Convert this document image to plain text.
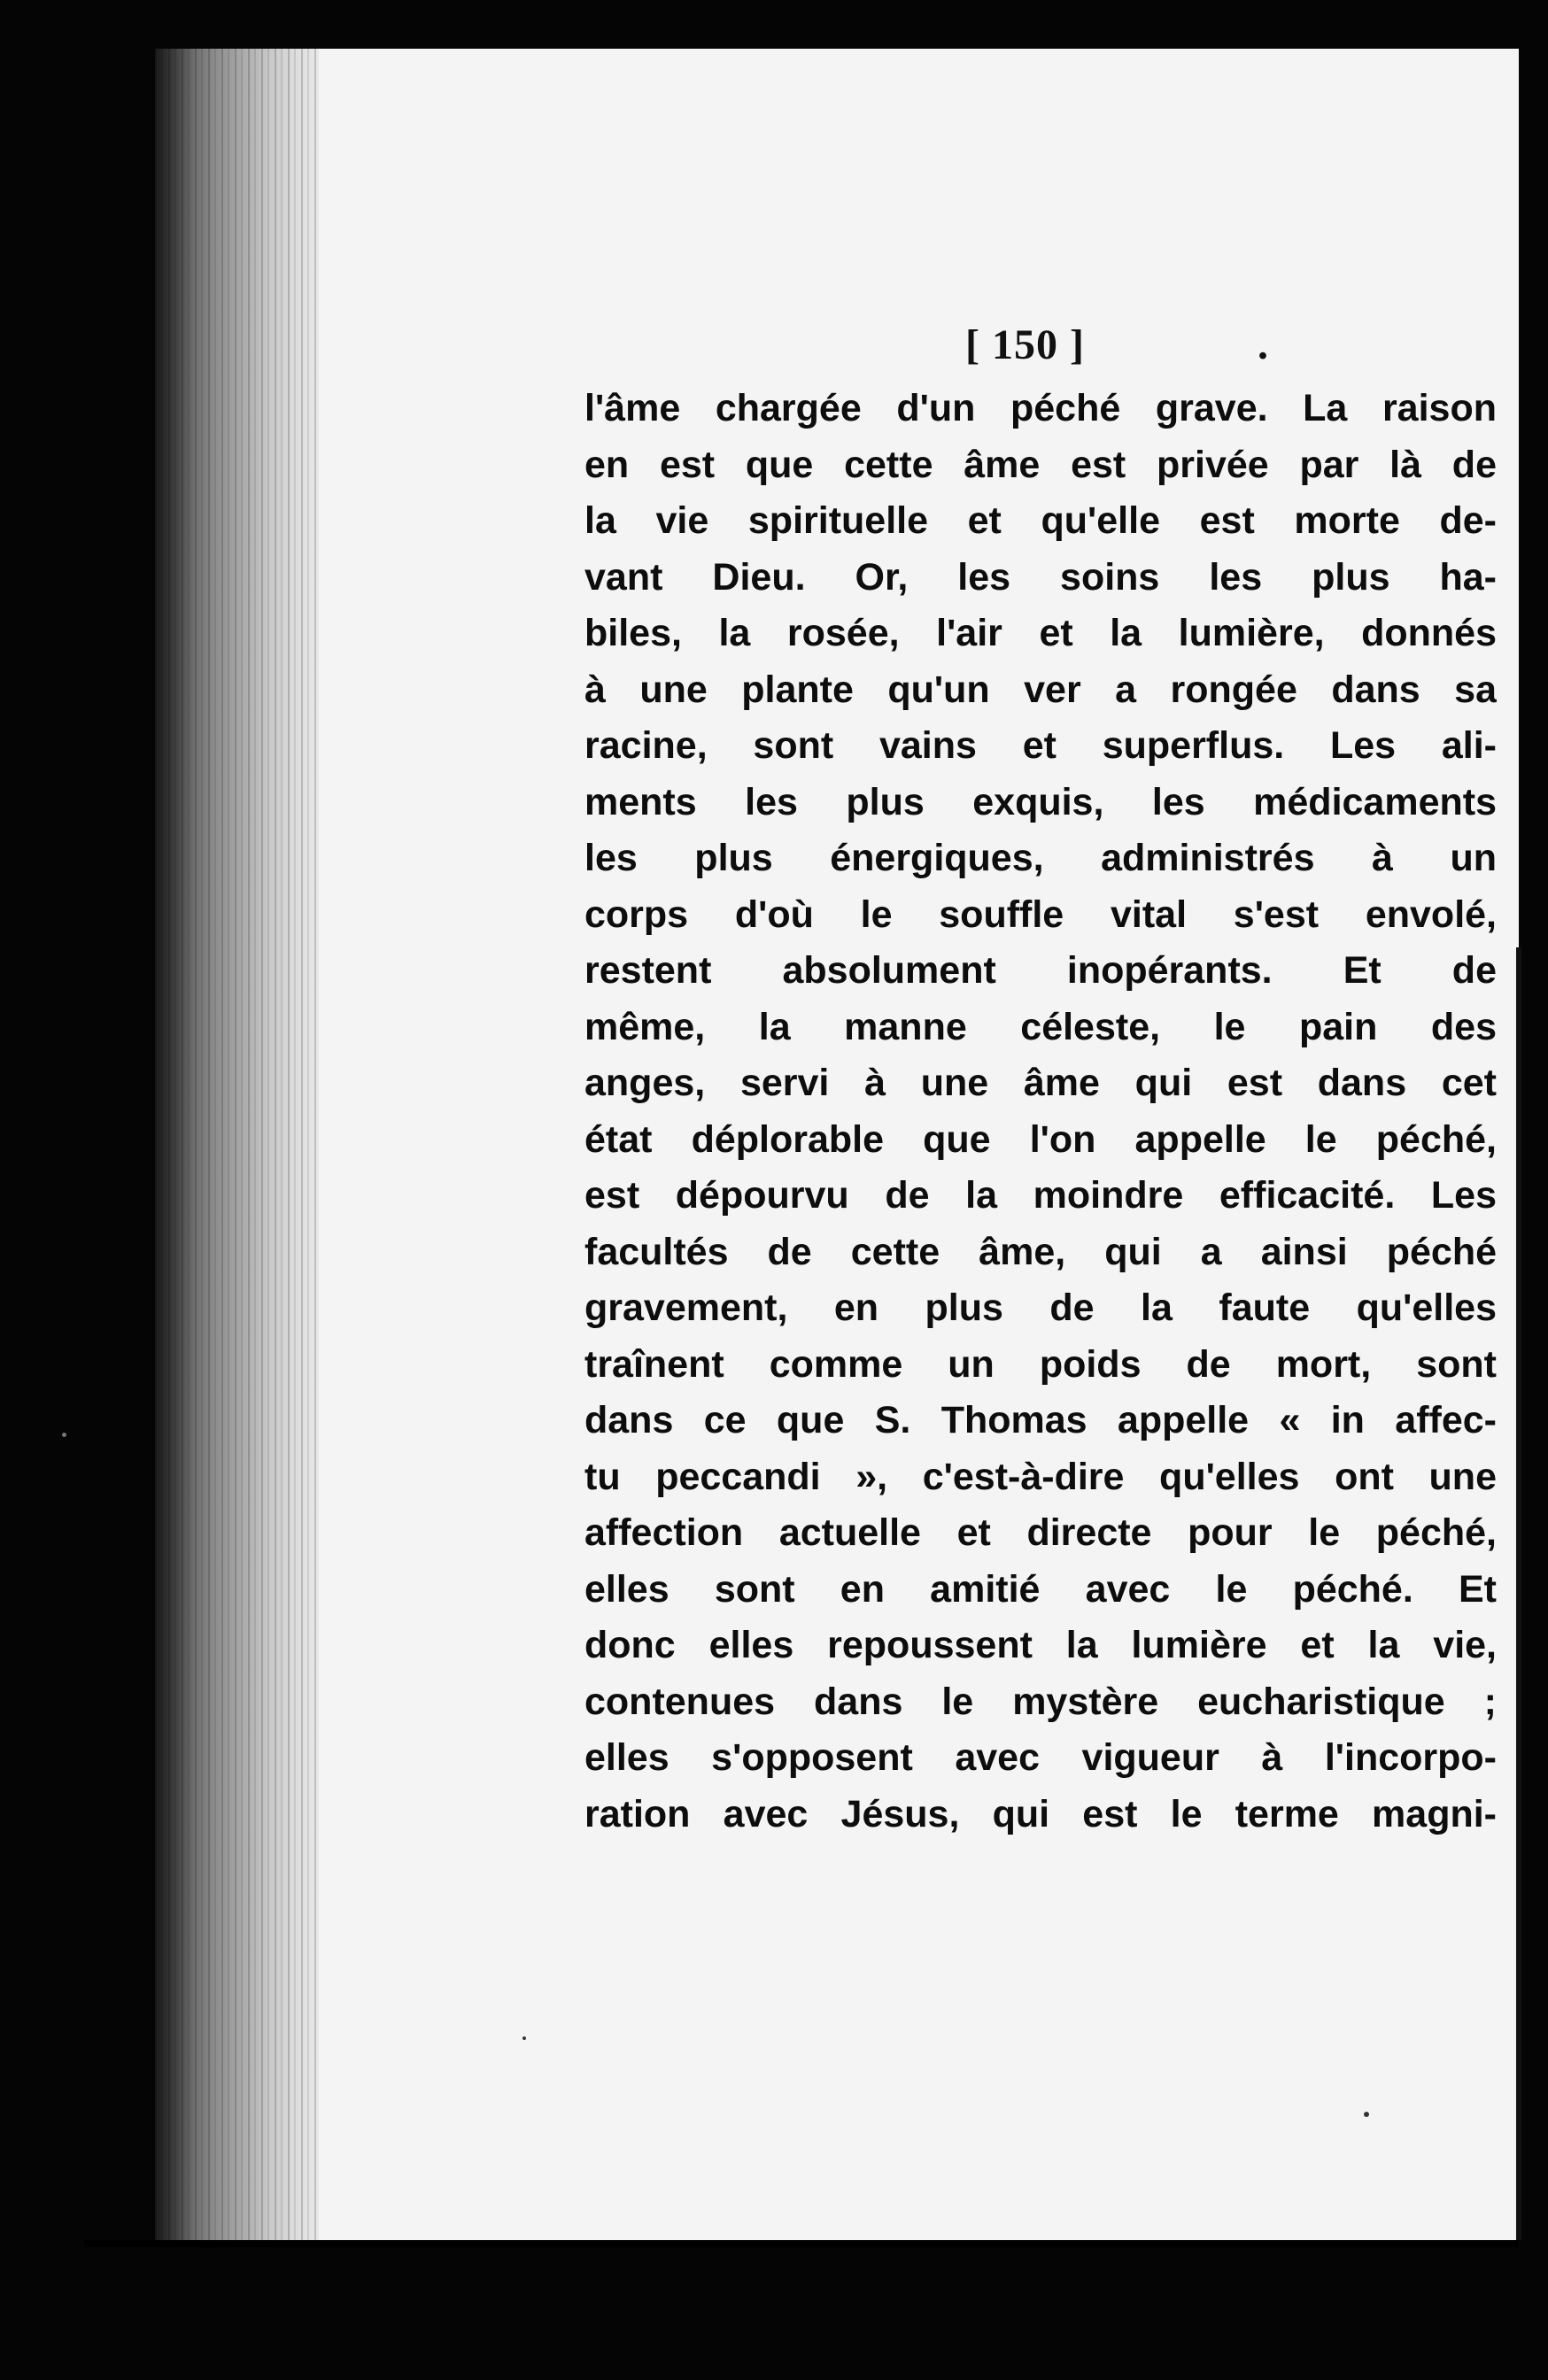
[ 150 ]	.
l'âme chargée d'un péché grave. La raison
en est que cette âme est privée par là de
la vie spirituelle et qu'elle est morte de-
vant Dieu. Or, les soins les plus ha-
biles, la rosée, l'air et la lumière, donnés
à une plante qu'un ver a rongée dans sa
racine, sont vains et superflus. Les ali-
ments les plus exquis, les médicaments
les plus énergiques, administrés à un
corps d'où le souffle vital s'est envolé,
restent absolument inopérants. Et de
même, la manne céleste, le pain des
anges, servi à une âme qui est dans cet
état déplorable que l'on appelle le péché,
est dépourvu de la moindre efficacité. Les
facultés de cette âme, qui a ainsi péché
gravement, en plus de la faute qu'elles
traînent comme un poids de mort, sont
dans ce que S. Thomas appelle « in affec-
tu peccandi », c'est-à-dire qu'elles ont une
affection actuelle et directe pour le péché,
elles sont en amitié avec le péché. Et
donc elles repoussent la lumière et la vie,
contenues dans le mystère eucharistique ;
elles s'opposent avec vigueur à l'incorpo-
ration avec Jésus, qui est le terme magni-
